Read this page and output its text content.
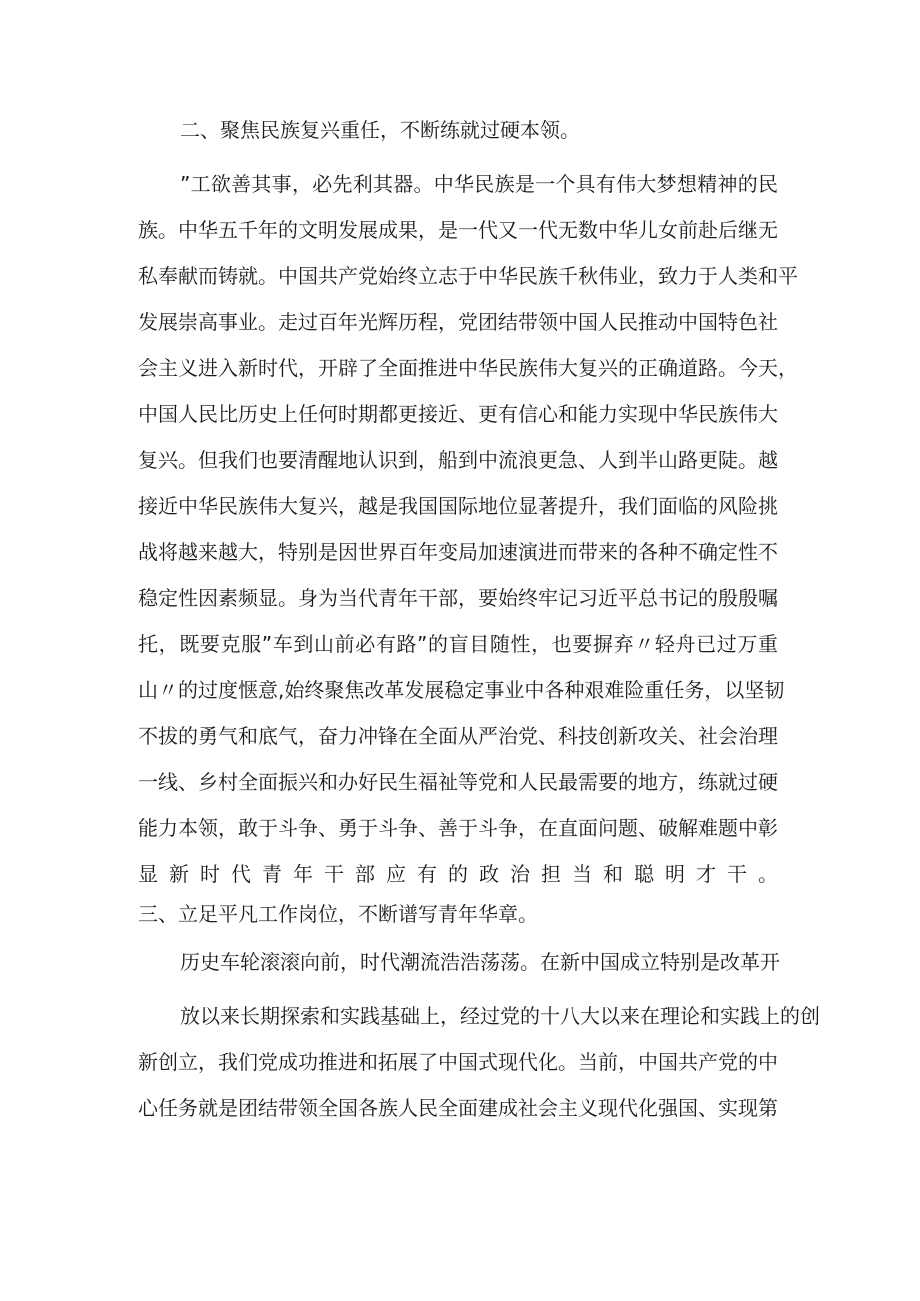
二、聚焦民族复兴重任，不断练就过硬本领。
”工欲善其事，必先利其器。中华民族是一个具有伟大梦想精神的民
族。中华五千年的文明发展成果，是一代又一代无数中华儿女前赴后继无
私奉献而铸就。中国共产党始终立志于中华民族千秋伟业，致力于人类和平
发展崇高事业。走过百年光辉历程，党团结带领中国人民推动中国特色社
会主义进入新时代，开辟了全面推进中华民族伟大复兴的正确道路。今天，
中国人民比历史上任何时期都更接近、更有信心和能力实现中华民族伟大
复兴。但我们也要清醒地认识到，船到中流浪更急、人到半山路更陡。越
接近中华民族伟大复兴，越是我国国际地位显著提升，我们面临的风险挑
战将越来越大，特别是因世界百年变局加速演进而带来的各种不确定性不
稳定性因素频显。身为当代青年干部，要始终牢记习近平总书记的殷殷嘱
托，既要克服”车到山前必有路”的盲目随性，也要摒弃〃轻舟已过万重
山〃的过度惬意,始终聚焦改革发展稳定事业中各种艰难险重任务，以坚韧
不拔的勇气和底气，奋力冲锋在全面从严治党、科技创新攻关、社会治理
一线、乡村全面振兴和办好民生福祉等党和人民最需要的地方，练就过硬
能力本领，敢于斗争、勇于斗争、善于斗争，在直面问题、破解难题中彰
显新时代青年干部应有的政治担当和聪明才干。
三、立足平凡工作岗位，不断谱写青年华章。
历史车轮滚滚向前，时代潮流浩浩荡荡。在新中国成立特别是改革开
放以来长期探索和实践基础上，经过党的十八大以来在理论和实践上的创
新创立，我们党成功推进和拓展了中国式现代化。当前，中国共产党的中
心任务就是团结带领全国各族人民全面建成社会主义现代化强国、实现第
